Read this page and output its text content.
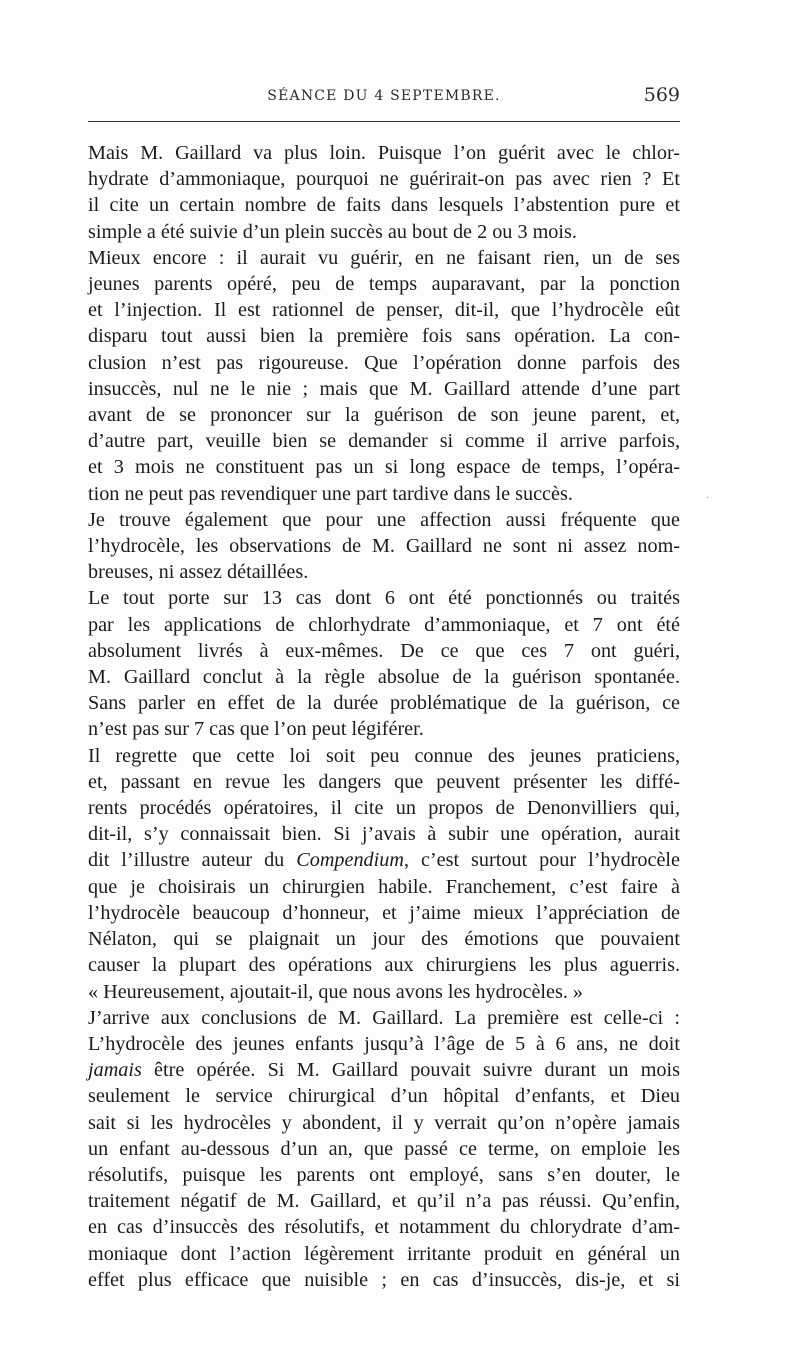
SÉANCE DU 4 SEPTEMBRE.	569

Mais M. Gaillard va plus loin. Puisque l’on guérit avec le chlor-
hydrate d’ammoniaque, pourquoi ne guérirait-on pas avec rien ? Et
il cite un certain nombre de faits dans lesquels l’abstention pure et
simple a été suivie d’un plein succès au bout de 2 ou 3 mois.

Mieux encore : il aurait vu guérir, en ne faisant rien, un de ses
jeunes parents opéré, peu de temps auparavant, par la ponction
et l’injection. Il est rationnel de penser, dit-il, que l’hydrocèle eût
disparu tout aussi bien la première fois sans opération. La con-
clusion n’est pas rigoureuse. Que l’opération donne parfois des
insuccès, nul ne le nie ; mais que M. Gaillard attende d’une part
avant de se prononcer sur la guérison de son jeune parent, et,
d’autre part, veuille bien se demander si comme il arrive parfois,
et 3 mois ne constituent pas un si long espace de temps, l’opéra-
tion ne peut pas revendiquer une part tardive dans le succès.

Je trouve également que pour une affection aussi fréquente que
l’hydrocèle, les observations de M. Gaillard ne sont ni assez nom-
breuses, ni assez détaillées.

Le tout porte sur 13 cas dont 6 ont été ponctionnés ou traités
par les applications de chlorhydrate d’ammoniaque, et 7 ont été
absolument livrés à eux-mêmes. De ce que ces 7 ont guéri,
M. Gaillard conclut à la règle absolue de la guérison spontanée.
Sans parler en effet de la durée problématique de la guérison, ce
n’est pas sur 7 cas que l’on peut légiférer.

Il regrette que cette loi soit peu connue des jeunes praticiens,
et, passant en revue les dangers que peuvent présenter les diffé-
rents procédés opératoires, il cite un propos de Denonvilliers qui,
dit-il, s’y connaissait bien. Si j’avais à subir une opération, aurait
dit l’illustre auteur du Compendium, c’est surtout pour l’hydrocèle
que je choisirais un chirurgien habile. Franchement, c’est faire à
l’hydrocèle beaucoup d’honneur, et j’aime mieux l’appréciation de
Nélaton, qui se plaignait un jour des émotions que pouvaient
causer la plupart des opérations aux chirurgiens les plus aguerris.
« Heureusement, ajoutait-il, que nous avons les hydrocèles. »

J’arrive aux conclusions de M. Gaillard. La première est celle-ci :
L’hydrocèle des jeunes enfants jusqu’à l’âge de 5 à 6 ans, ne doit
jamais être opérée. Si M. Gaillard pouvait suivre durant un mois
seulement le service chirurgical d’un hôpital d’enfants, et Dieu
sait si les hydrocèles y abondent, il y verrait qu’on n’opère jamais
un enfant au-dessous d’un an, que passé ce terme, on emploie les
résolutifs, puisque les parents ont employé, sans s’en douter, le
traitement négatif de M. Gaillard, et qu’il n’a pas réussi. Qu’enfin,
en cas d’insuccès des résolutifs, et notamment du chlorydrate d’am-
moniaque dont l’action légèrement irritante produit en général un
effet plus efficace que nuisible ; en cas d’insuccès, dis-je, et si

·
